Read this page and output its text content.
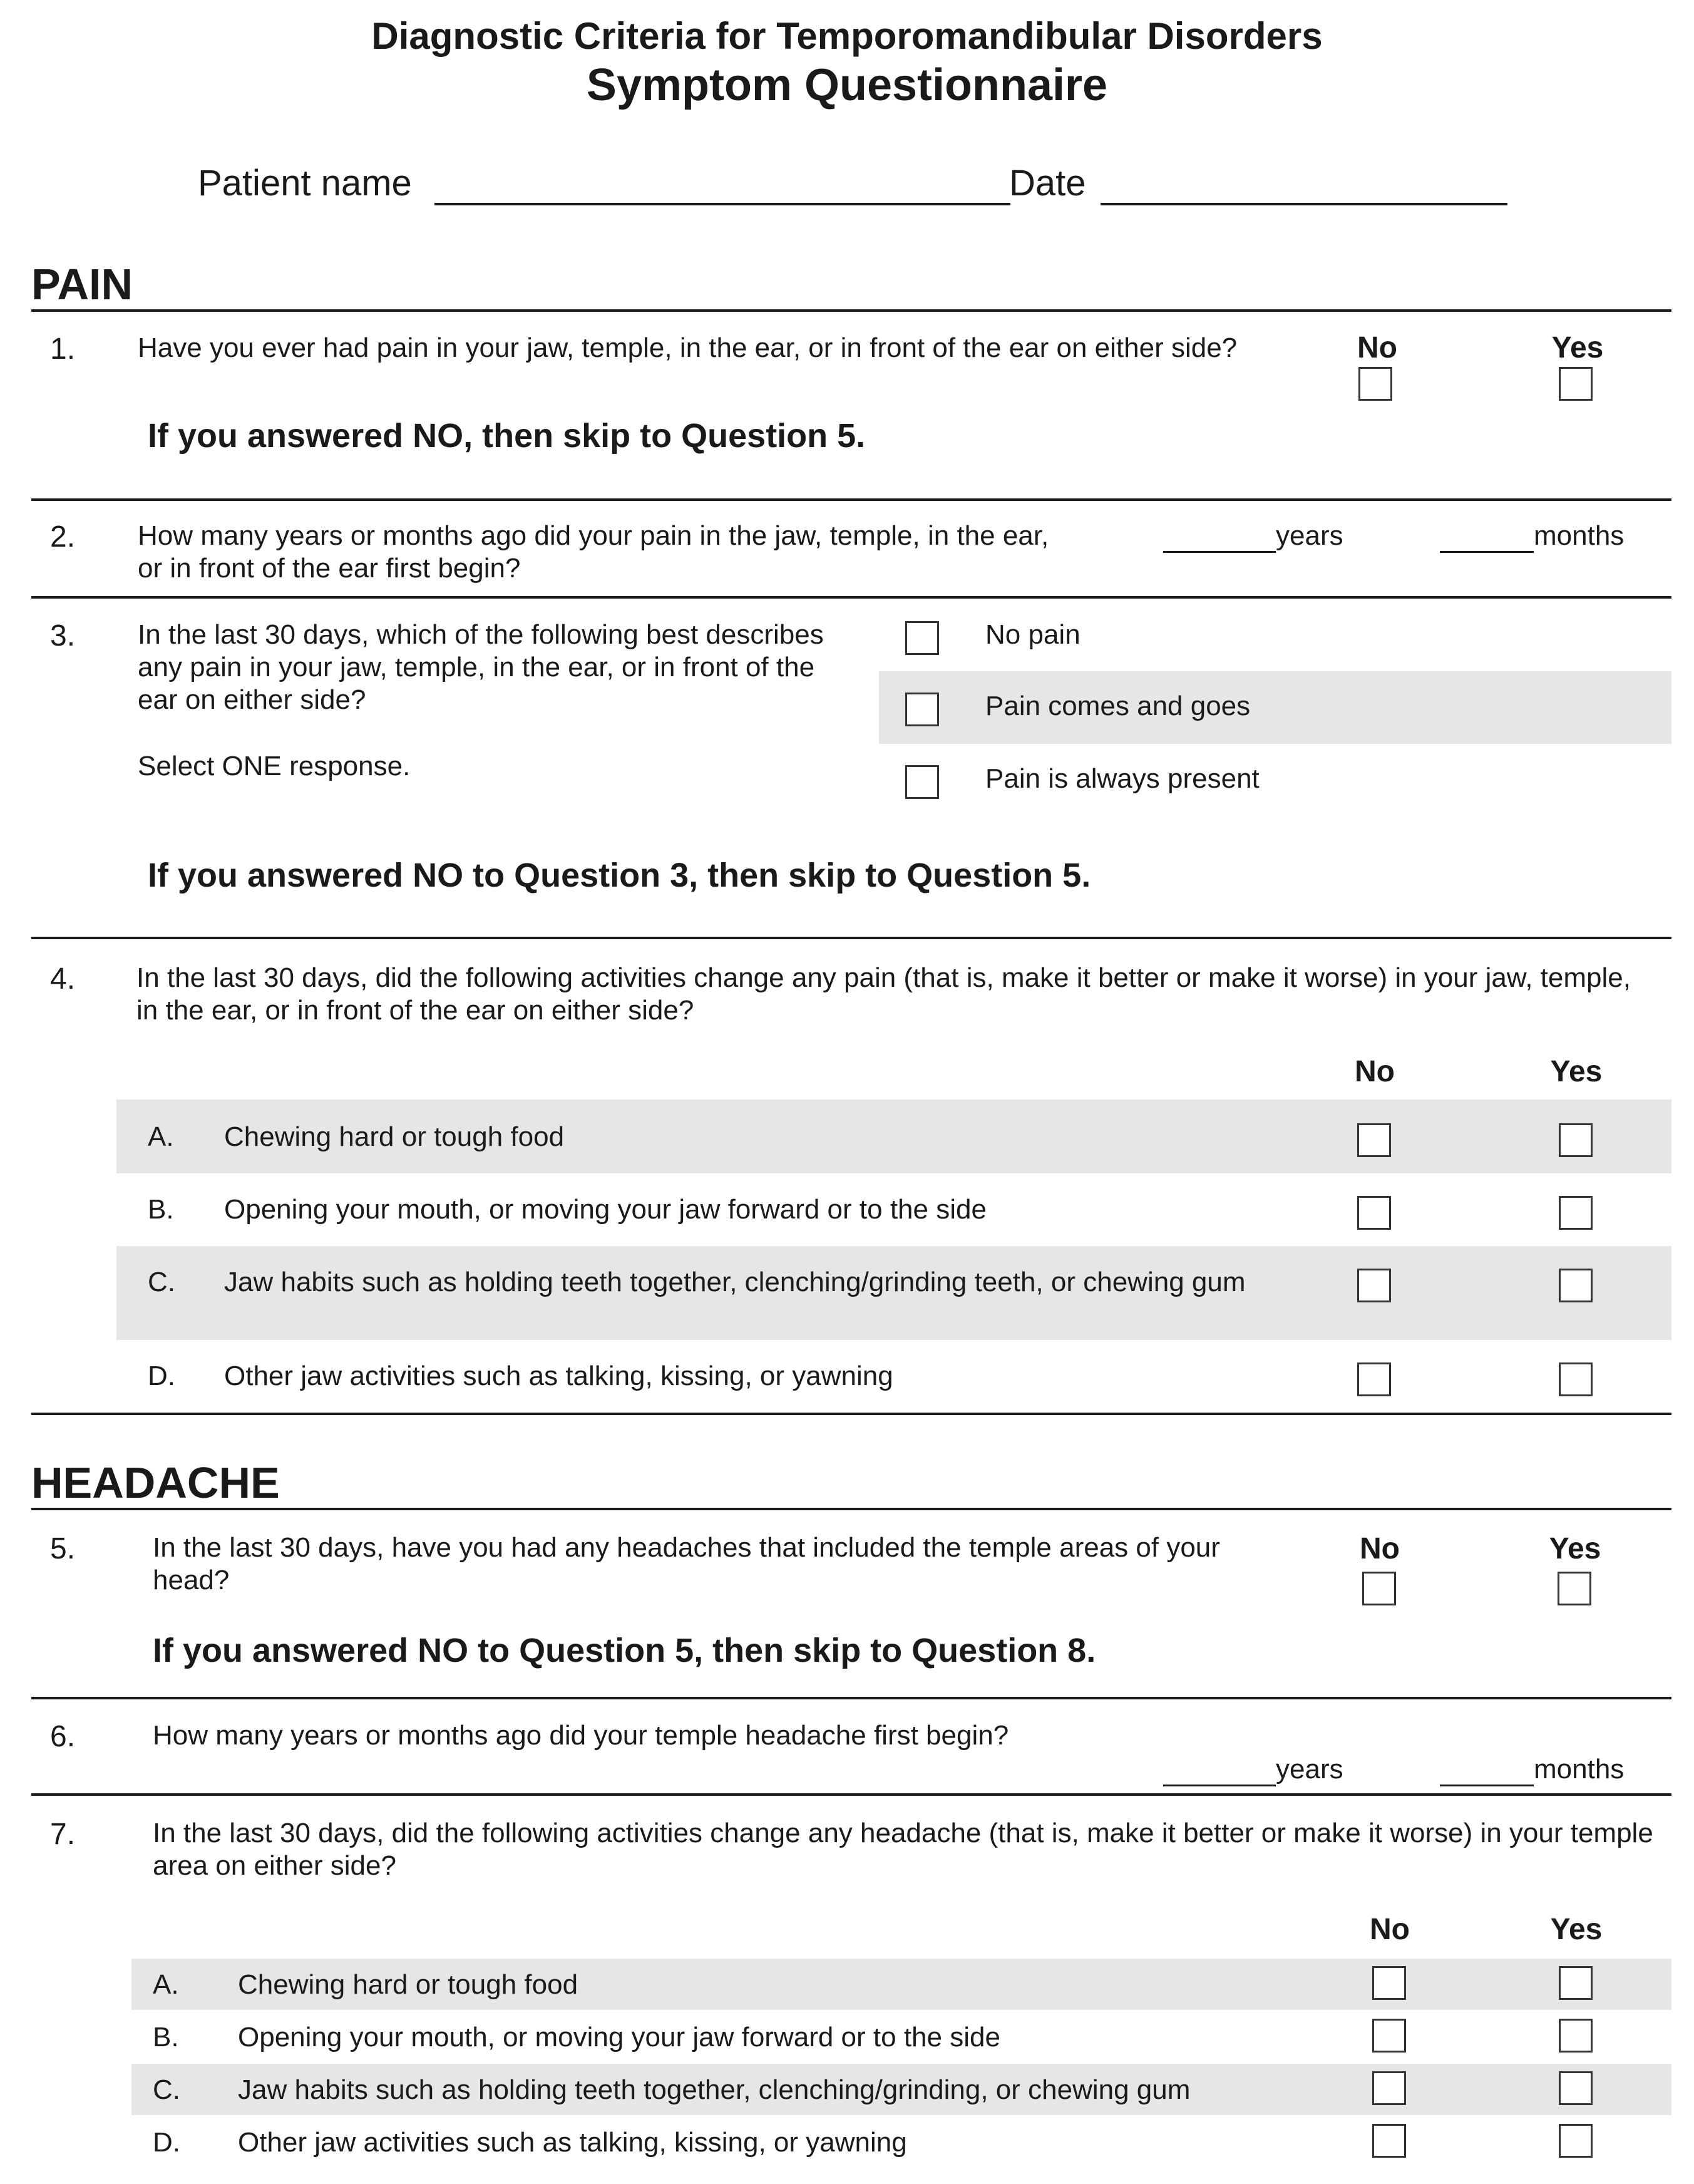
Diagnostic Criteria for Temporomandibular Disorders
Symptom Questionnaire
Patient name	Date
PAIN
1. Have you ever had pain in your jaw, temple, in the ear, or in front of the ear on either side?	No	Yes
If you answered NO, then skip to Question 5.
2. How many years or months ago did your pain in the jaw, temple, in the ear, or in front of the ear first begin?
years	months
3. In the last 30 days, which of the following best describes any pain in your jaw, temple, in the ear, or in front of the ear on either side?
Select ONE response.
No pain
Pain comes and goes
Pain is always present
If you answered NO to Question 3, then skip to Question 5.
4. In the last 30 days, did the following activities change any pain (that is, make it better or make it worse) in your jaw, temple, in the ear, or in front of the ear on either side?
No	Yes
A. Chewing hard or tough food
B. Opening your mouth, or moving your jaw forward or to the side
C. Jaw habits such as holding teeth together, clenching/grinding teeth, or chewing gum
D. Other jaw activities such as talking, kissing, or yawning
HEADACHE
5.	In the last 30 days, have you had any headaches that included the temple areas of your head?
No	Yes
If you answered NO to Question 5, then skip to Question 8.
6.	How many years or months ago did your temple headache first begin?
years	months
7.	In the last 30 days, did the following activities change any headache (that is, make it better or make it worse) in your temple area on either side?
No	Yes
A. Chewing hard or tough food
B. Opening your mouth, or moving your jaw forward or to the side
C. Jaw habits such as holding teeth together, clenching/grinding, or chewing gum
D. Other jaw activities such as talking, kissing, or yawning
